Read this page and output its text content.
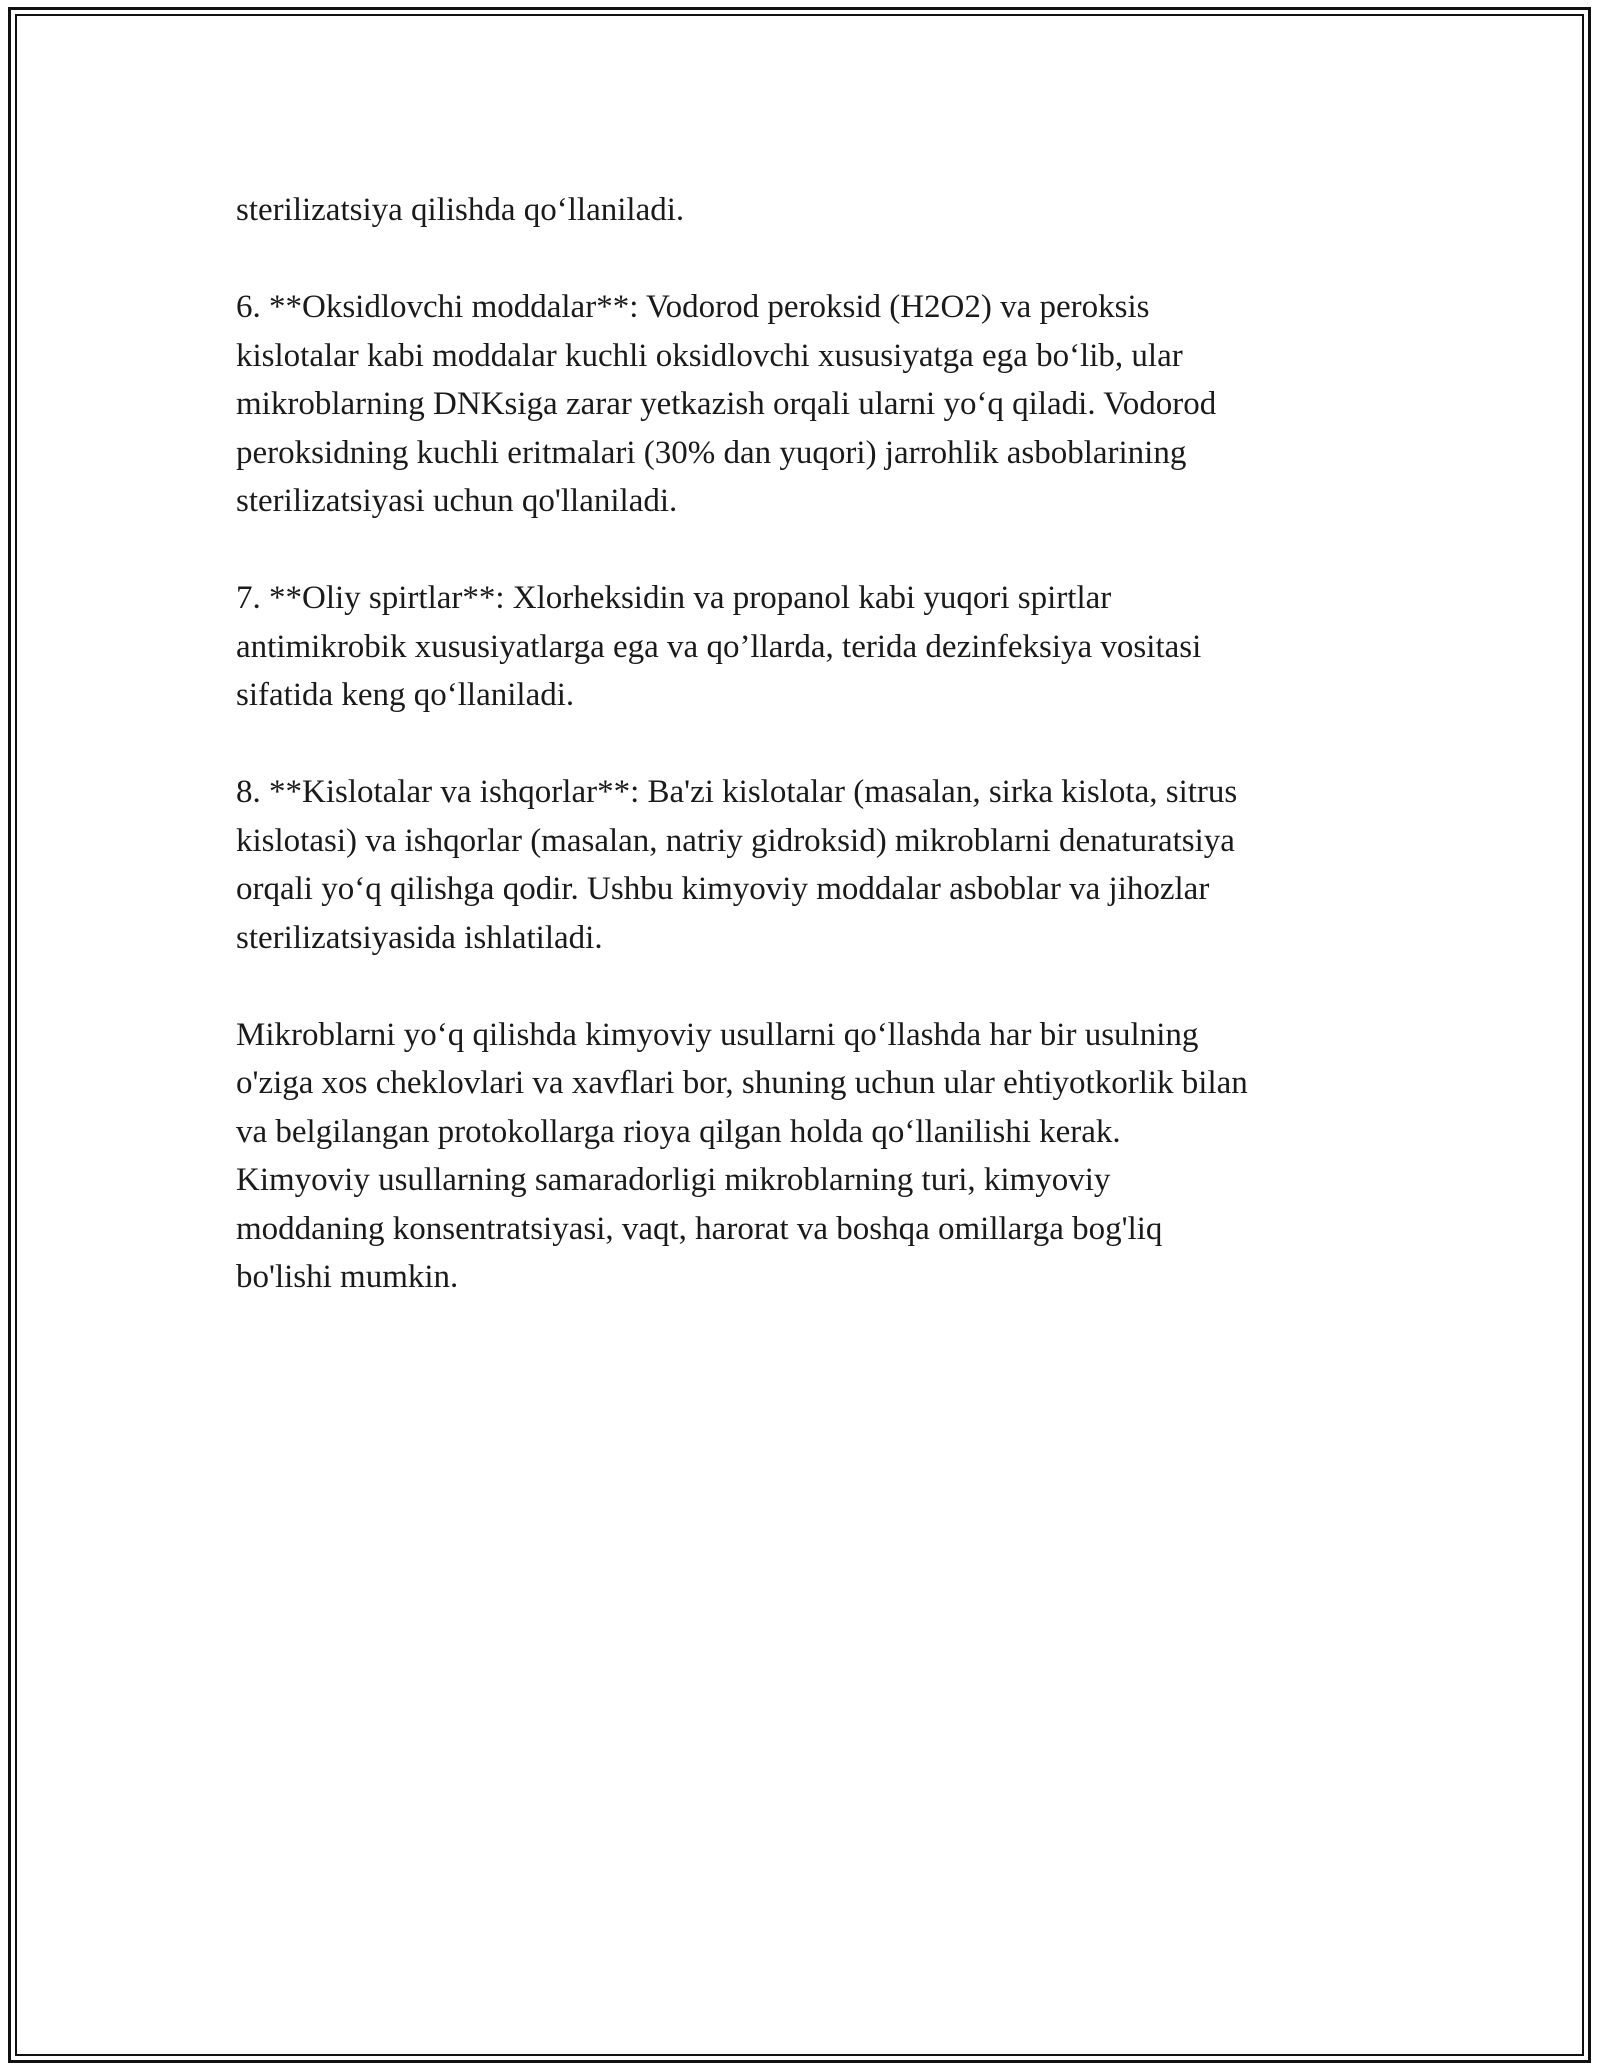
sterilizatsiya qilishda qo‘llaniladi.

6. **Oksidlovchi moddalar**: Vodorod peroksid (H2O2) va peroksis
kislotalar kabi moddalar kuchli oksidlovchi xususiyatga ega bo‘lib, ular
mikroblarning DNKsiga zarar yetkazish orqali ularni yo‘q qiladi. Vodorod
peroksidning kuchli eritmalari (30% dan yuqori) jarrohlik asboblarining
sterilizatsiyasi uchun qo'llaniladi.

7. **Oliy spirtlar**: Xlorheksidin va propanol kabi yuqori spirtlar
antimikrobik xususiyatlarga ega va qo’llarda, terida dezinfeksiya vositasi
sifatida keng qo‘llaniladi.

8. **Kislotalar va ishqorlar**: Ba'zi kislotalar (masalan, sirka kislota, sitrus
kislotasi) va ishqorlar (masalan, natriy gidroksid) mikroblarni denaturatsiya
orqali yo‘q qilishga qodir. Ushbu kimyoviy moddalar asboblar va jihozlar
sterilizatsiyasida ishlatiladi.

Mikroblarni yo‘q qilishda kimyoviy usullarni qo‘llashda har bir usulning
o'ziga xos cheklovlari va xavflari bor, shuning uchun ular ehtiyotkorlik bilan
va belgilangan protokollarga rioya qilgan holda qo‘llanilishi kerak.
Kimyoviy usullarning samaradorligi mikroblarning turi, kimyoviy
moddaning konsentratsiyasi, vaqt, harorat va boshqa omillarga bog'liq
bo'lishi mumkin.
